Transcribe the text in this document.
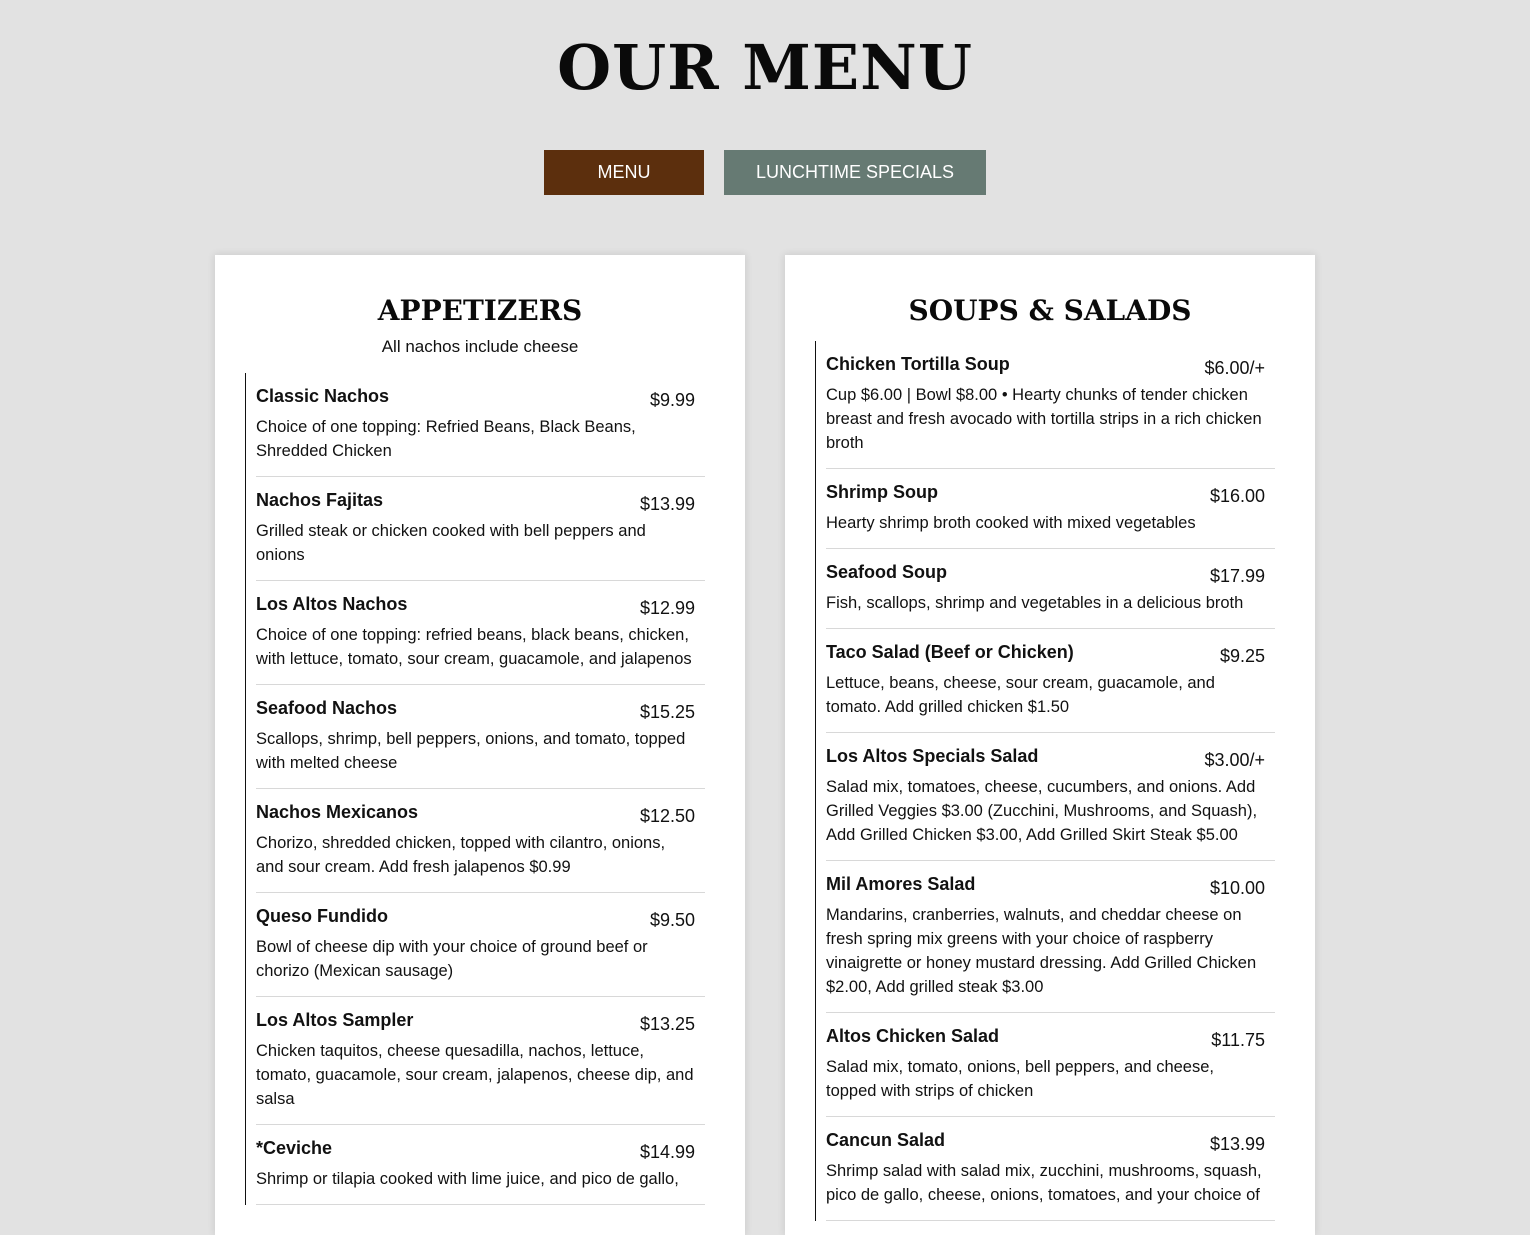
OUR MENU
MENU	LUNCHTIME SPECIALS
APPETIZERS
All nachos include cheese
Classic Nachos	$9.99
Choice of one topping: Refried Beans, Black Beans, Shredded Chicken
Nachos Fajitas	$13.99
Grilled steak or chicken cooked with bell peppers and onions
Los Altos Nachos	$12.99
Choice of one topping: refried beans, black beans, chicken, with lettuce, tomato, sour cream, guacamole, and jalapenos
Seafood Nachos	$15.25
Scallops, shrimp, bell peppers, onions, and tomato, topped with melted cheese
Nachos Mexicanos	$12.50
Chorizo, shredded chicken, topped with cilantro, onions, and sour cream. Add fresh jalapenos $0.99
Queso Fundido	$9.50
Bowl of cheese dip with your choice of ground beef or chorizo (Mexican sausage)
Los Altos Sampler	$13.25
Chicken taquitos, cheese quesadilla, nachos, lettuce, tomato, guacamole, sour cream, jalapenos, cheese dip, and salsa
*Ceviche	$14.99
Shrimp or tilapia cooked with lime juice, and pico de gallo,
SOUPS & SALADS
Chicken Tortilla Soup	$6.00/+
Cup $6.00 | Bowl $8.00 • Hearty chunks of tender chicken breast and fresh avocado with tortilla strips in a rich chicken broth
Shrimp Soup	$16.00
Hearty shrimp broth cooked with mixed vegetables
Seafood Soup	$17.99
Fish, scallops, shrimp and vegetables in a delicious broth
Taco Salad (Beef or Chicken)	$9.25
Lettuce, beans, cheese, sour cream, guacamole, and tomato. Add grilled chicken $1.50
Los Altos Specials Salad	$3.00/+
Salad mix, tomatoes, cheese, cucumbers, and onions. Add Grilled Veggies $3.00 (Zucchini, Mushrooms, and Squash), Add Grilled Chicken $3.00, Add Grilled Skirt Steak $5.00
Mil Amores Salad	$10.00
Mandarins, cranberries, walnuts, and cheddar cheese on fresh spring mix greens with your choice of raspberry vinaigrette or honey mustard dressing. Add Grilled Chicken $2.00, Add grilled steak $3.00
Altos Chicken Salad	$11.75
Salad mix, tomato, onions, bell peppers, and cheese, topped with strips of chicken
Cancun Salad	$13.99
Shrimp salad with salad mix, zucchini, mushrooms, squash, pico de gallo, cheese, onions, tomatoes, and your choice of
